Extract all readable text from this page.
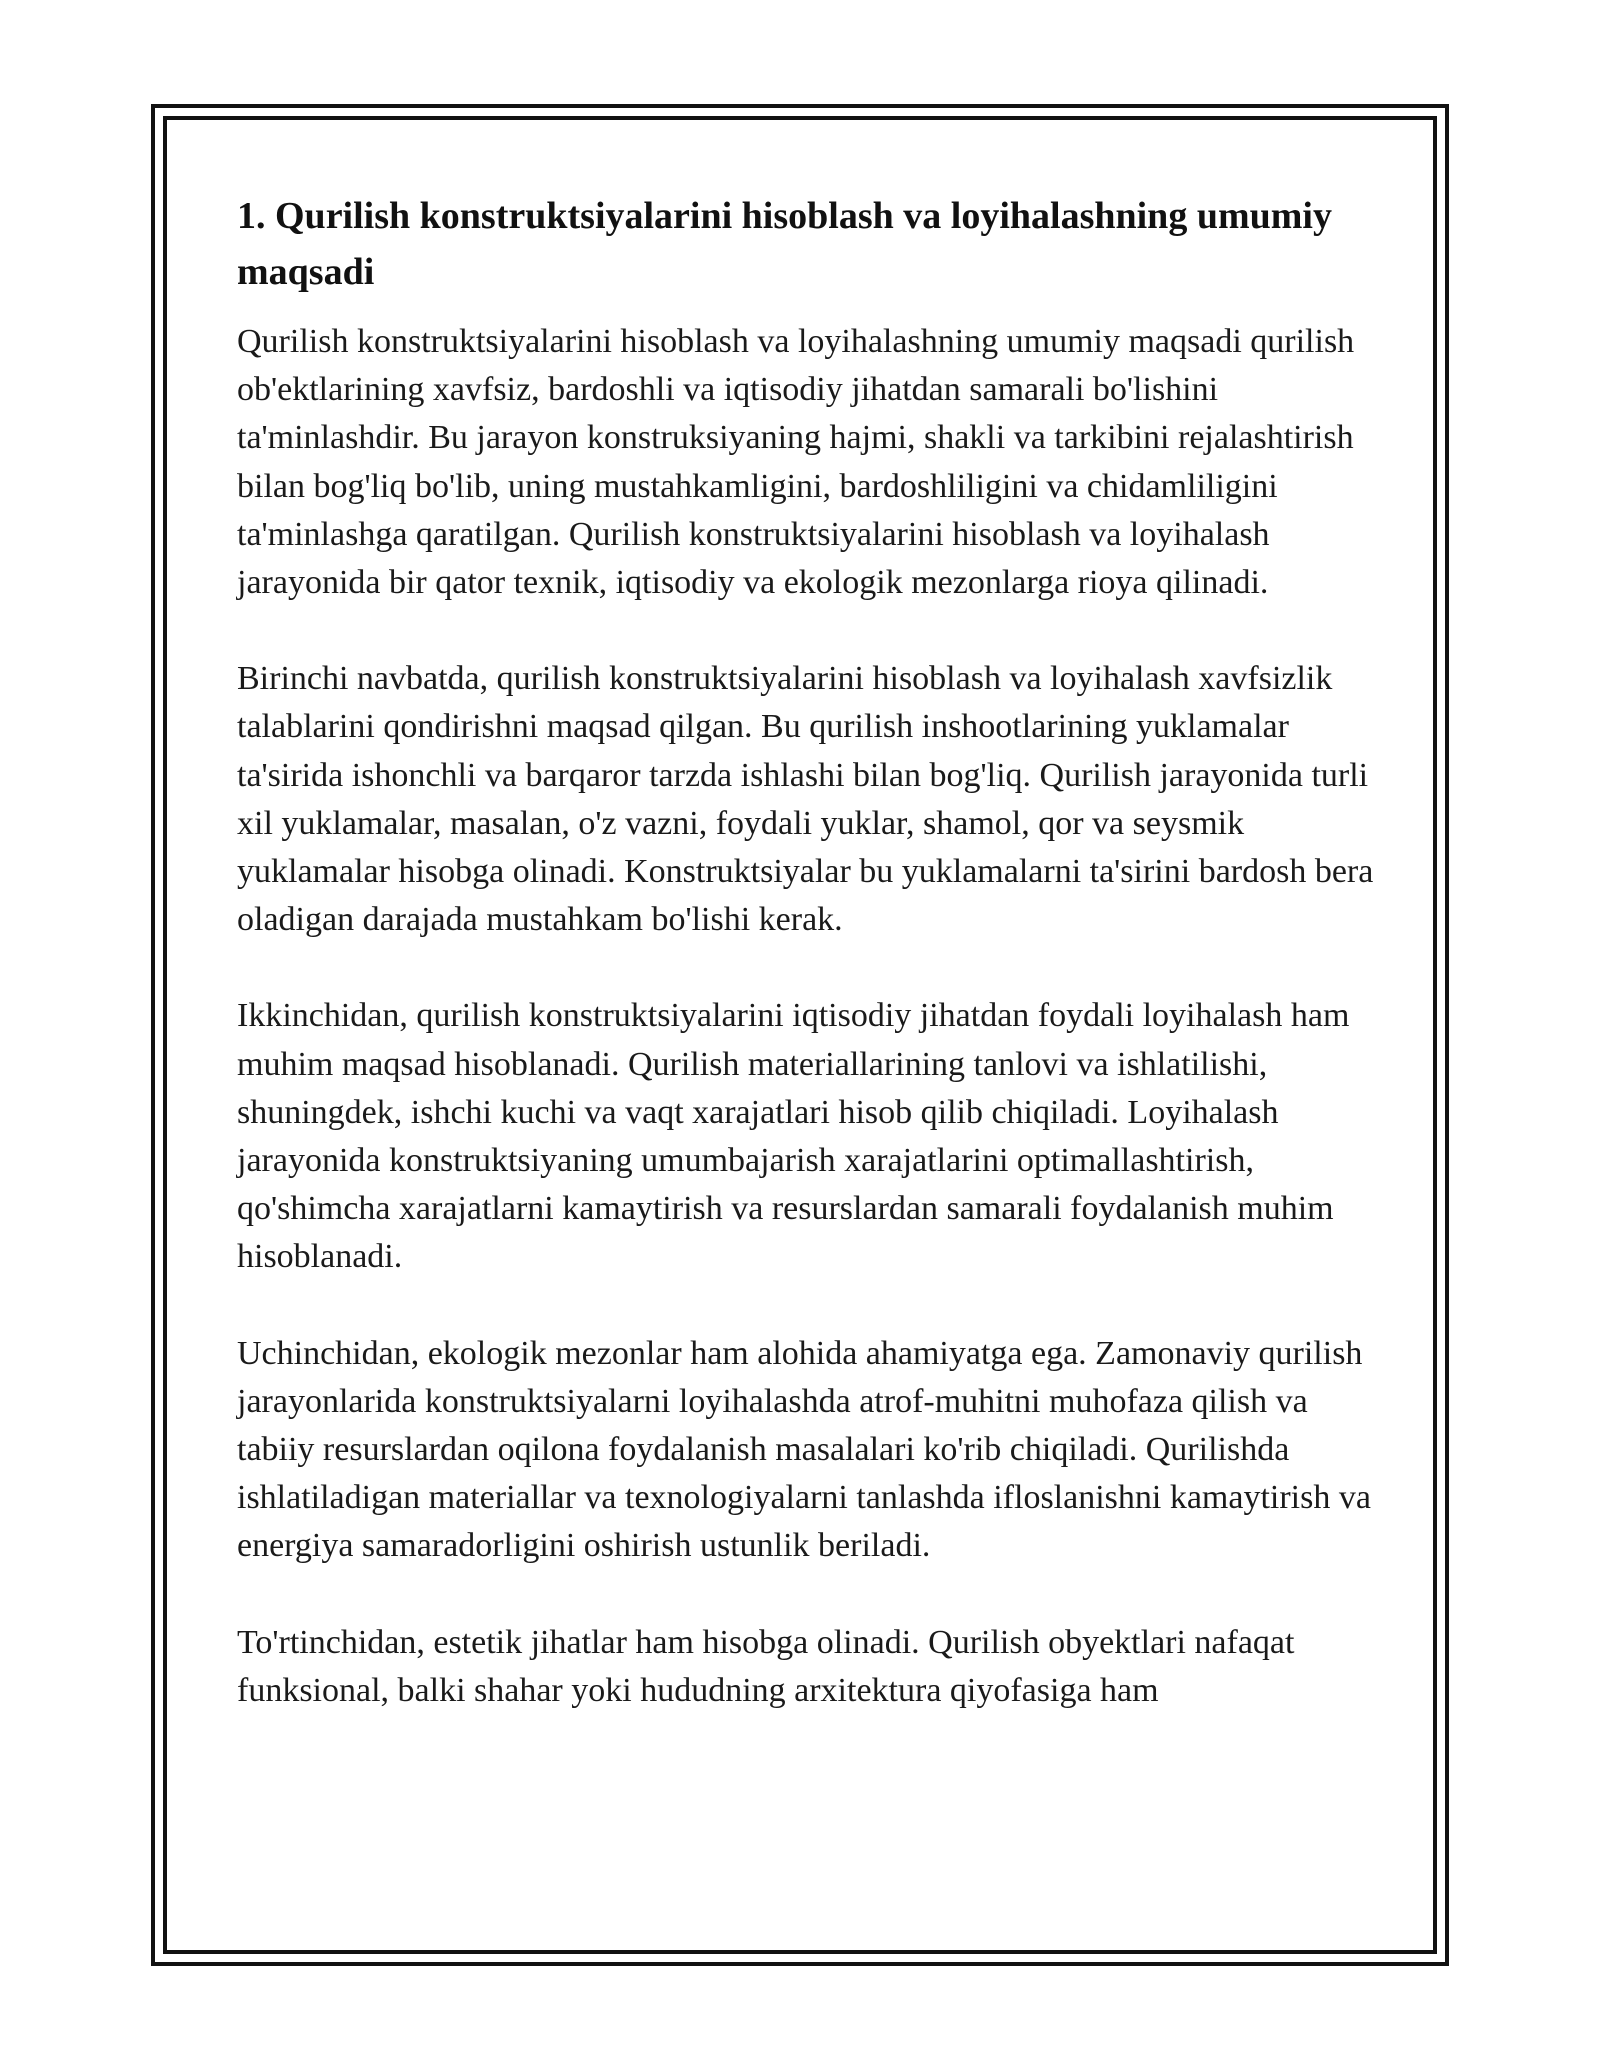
1. Qurilish konstruktsiyalarini hisoblash va loyihalashning umumiy maqsadi

Qurilish konstruktsiyalarini hisoblash va loyihalashning umumiy maqsadi qurilish ob'ektlarining xavfsiz, bardoshli va iqtisodiy jihatdan samarali bo'lishini ta'minlashdir. Bu jarayon konstruksiyaning hajmi, shakli va tarkibini rejalashtirish bilan bog'liq bo'lib, uning mustahkamligini, bardoshliligini va chidamliligini ta'minlashga qaratilgan. Qurilish konstruktsiyalarini hisoblash va loyihalash jarayonida bir qator texnik, iqtisodiy va ekologik mezonlarga rioya qilinadi.

Birinchi navbatda, qurilish konstruktsiyalarini hisoblash va loyihalash xavfsizlik talablarini qondirishni maqsad qilgan. Bu qurilish inshootlarining yuklamalar ta'sirida ishonchli va barqaror tarzda ishlashi bilan bog'liq. Qurilish jarayonida turli xil yuklamalar, masalan, o'z vazni, foydali yuklar, shamol, qor va seysmik yuklamalar hisobga olinadi. Konstruktsiyalar bu yuklamalarni ta'sirini bardosh bera oladigan darajada mustahkam bo'lishi kerak.

Ikkinchidan, qurilish konstruktsiyalarini iqtisodiy jihatdan foydali loyihalash ham muhim maqsad hisoblanadi. Qurilish materiallarining tanlovi va ishlatilishi, shuningdek, ishchi kuchi va vaqt xarajatlari hisob qilib chiqiladi. Loyihalash jarayonida konstruktsiyaning umumbajarish xarajatlarini optimallashtirish, qo'shimcha xarajatlarni kamaytirish va resurslardan samarali foydalanish muhim hisoblanadi.

Uchinchidan, ekologik mezonlar ham alohida ahamiyatga ega. Zamonaviy qurilish jarayonlarida konstruktsiyalarni loyihalashda atrof-muhitni muhofaza qilish va tabiiy resurslardan oqilona foydalanish masalalari ko'rib chiqiladi. Qurilishda ishlatiladigan materiallar va texnologiyalarni tanlashda ifloslanishni kamaytirish va energiya samaradorligini oshirish ustunlik beriladi.

To'rtinchidan, estetik jihatlar ham hisobga olinadi. Qurilish obyektlari nafaqat funksional, balki shahar yoki hududning arxitektura qiyofasiga ham
